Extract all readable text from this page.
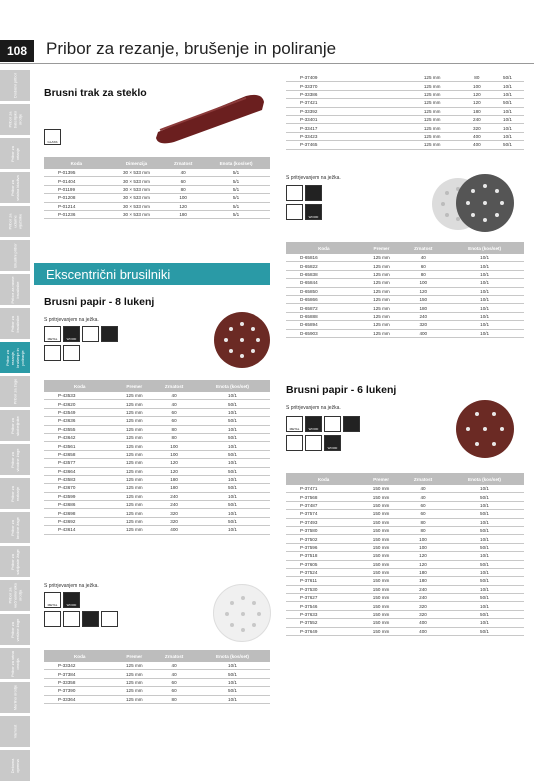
108	Pribor za rezanje, brušenje in poliranje
Dodatni pribor
Pribor za baterijsko orodje
Pribor za vrtanje
Pribor za vrtalna kladiva
Pribor za udarne vijačnike
Brusilni pribor
Pribor za ravne brusilnike
Pribor za brusilnike
Pribor za rezanje, brušenje in poliranje
Pribor za žage
Pribor za skobeljnike
Pribor za vbodne žage
Pribor za rezkarje
Pribor za krožne žage
Pribor za sabljaste žage
Pribor za večnamenska orodja
Pribor za verižne žage
Pribor za vrtna orodja
Merilno orodje
Varnost
Delovna oprema
Brusni trak za steklo
GLASS
Koda	Dimenzija	Zrnatost	Enota (kos/set)
P-01395	30 × 533 mm	40	5/1
P-01404	30 × 533 mm	60	5/1
P-01199	30 × 533 mm	80	5/1
P-01208	30 × 533 mm	100	5/1
P-01214	30 × 533 mm	120	5/1
P-01236	30 × 533 mm	180	5/1
Ekscentrični brusilniki
Brusni papir - 8 lukenj
S pritrjevanjem na ježka.
METAL	WOOD
Koda	Premer	Zrnatost	Enota (kos/set)
P-43533	125 mm	40	10/1
P-43620	125 mm	40	50/1
P-43549	125 mm	60	10/1
P-43636	125 mm	60	50/1
P-43555	125 mm	80	10/1
P-43642	125 mm	80	50/1
P-43561	125 mm	100	10/1
P-43658	125 mm	100	50/1
P-43577	125 mm	120	10/1
P-43664	125 mm	120	50/1
P-43583	125 mm	180	10/1
P-43670	125 mm	180	50/1
P-43599	125 mm	240	10/1
P-43686	125 mm	240	50/1
P-43698	125 mm	320	10/1
P-43692	125 mm	320	50/1
P-43614	125 mm	400	10/1
S pritrjevanjem na ježka.
METAL	WOOD
Koda	Premer	Zrnatost	Enota (kos/set)
P-33342	125 mm	40	10/1
P-37384	125 mm	40	50/1
P-33358	125 mm	60	10/1
P-37390	125 mm	60	50/1
P-33364	125 mm	80	10/1
P-37409	125 mm	80	50/1
P-33370	125 mm	100	10/1
P-33386	125 mm	120	10/1
P-37421	125 mm	120	50/1
P-33392	125 mm	180	10/1
P-33401	125 mm	240	10/1
P-33417	125 mm	320	10/1
P-33423	125 mm	400	10/1
P-37465	125 mm	400	50/1
S pritrjevanjem na ježka.
WOOD
Koda	Premer	Zrnatost	Enota (kos/set)
D-65816	125 mm	40	10/1
D-65822	125 mm	60	10/1
D-65838	125 mm	80	10/1
D-65844	125 mm	100	10/1
D-65850	125 mm	120	10/1
D-65866	125 mm	150	10/1
D-65872	125 mm	180	10/1
D-65888	125 mm	240	10/1
D-65894	125 mm	320	10/1
D-65903	125 mm	400	10/1
Brusni papir - 6 lukenj
S pritrjevanjem na ježka.
METAL	WOOD
WOOD
Koda	Premer	Zrnatost	Enota (kos/set)
P-37471	150 mm	40	10/1
P-37568	150 mm	40	50/1
P-37487	150 mm	60	10/1
P-37574	150 mm	60	50/1
P-37493	150 mm	80	10/1
P-37580	150 mm	80	50/1
P-37502	150 mm	100	10/1
P-37596	150 mm	100	50/1
P-37518	150 mm	120	10/1
P-37605	150 mm	120	50/1
P-37524	150 mm	180	10/1
P-37611	150 mm	180	50/1
P-37530	150 mm	240	10/1
P-37627	150 mm	240	50/1
P-37546	150 mm	320	10/1
P-37633	150 mm	320	50/1
P-37552	150 mm	400	10/1
P-37649	150 mm	400	50/1
